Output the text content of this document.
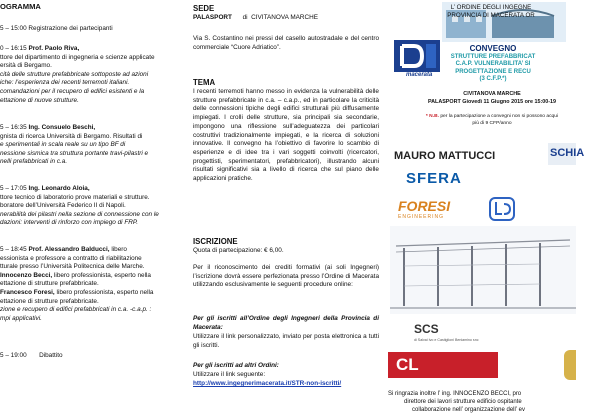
OGRAMMA
5 – 15:00 Registrazione dei partecipanti
0 – 16:15 Prof. Paolo Riva,
ttore del dipartimento di ingegneria e scienze applicate
ersità di Bergamo.
cità delle strutture prefabbricate sottoposte ad azioni
iche: l’esperienza dei recenti terremoti italiani.
comandazioni per il recupero di edifici esistenti e la
ettazione di nuove strutture.
5 – 16:35 Ing. Consuelo Beschi,
gnista di ricerca Università di Bergamo. Risultati di
e sperimentali in scala reale su un tipo BF di
nessione sismica tra struttura portante travi-pilastri e
nelli prefabbricati in c.a.
5 – 17:05 Ing. Leonardo Aloia,
ttore tecnico di laboratorio prove materiali e strutture.
boratore dell’Università Federico II di Napoli.
nerabilità dei pilastri nella sezione di connessione con le
dazioni: interventi di rinforzo con impiego di FRP.
5 – 18:45 Prof. Alessandro Balducci, libero
essionista e professore a contratto di riabilitazione
tturale presso l’Università Politecnica delle Marche.
Innocenzo Becci, libero professionista, esperto nella
ettazione di strutture prefabbricate.
Francesco Foresi, libero professionista, esperto nella
ettazione di strutture prefabbricate.
zione e recupero di edifici prefabbricati in c.a. -c.a.p. :
mpi applicativi.
5 – 19:00 Dibattito
SEDE
PALASPORT di CIVITANOVA MARCHE
Via S. Costantino nei pressi del casello autostradale e del centro commerciale “Cuore Adriatico”.
TEMA
I recenti terremoti hanno messo in evidenza la vulnerabilità delle strutture prefabbricate in c.a. – c.a.p., ed in particolare la criticità delle connessioni tipiche degli edifici strutturali più diffusamente impiegati. I crolli delle strutture, sia principali sia secondarie, impongono una riflessione sull’adeguatezza dei particolari costruttivi tradizionalmente impiegati, e la ricerca di soluzioni innovative. Il convegno ha l’obiettivo di favorire lo scambio di esperienze e di idee tra i vari soggetti coinvolti (ricercatori, progettisti, sperimentatori, prefabbricatori), illustrando alcuni risultati significativi sia a livello di ricerca che sul piano delle applicazioni pratiche.
ISCRIZIONE
Quota di partecipazione: € 6,00.
Per il riconoscimento dei crediti formativi (ai soli Ingegneri) l’iscrizione dovrà essere perfezionata presso l’Ordine di Macerata utilizzando esclusivamente le seguenti procedure online:
Per gli iscritti all’Ordine degli Ingegneri della Provincia di Macerata:
Utilizzare il link personalizzato, inviato per posta elettronica a tutti gli iscritti.
Per gli iscritti ad altri Ordini:
Utilizzare il link seguente:
http://www.ingegnerimacerata.it/STR-non-iscritti/
L’ ORDINE DEGLI INGEGNE
PROVINCIA DI MACERATA OR
macerata
CONVEGNO
STRUTTURE PREFABBRICAT
C.A.P. VULNERABILITA’ SI
PROGETTAZIONE E RECU
(3 C.F.P.*)
CIVITANOVA MARCHE
PALASPORT Giovedì 11 Giugno 2015 ore 15:00-19
* N.B. per la partecipazione a convegni non si possono acqui
più di 9 CFP/anno
MAURO MATTUCCI	SCHIA
SFERA
FORESI
ENGINEERING
SCS
di Salvai Ivo e Castiglioni Beniamino snc
CL
Si ringrazia inoltre l’ ing. INNOCENZO BECCI, pro
direttore dei lavori strutture edificio ospitante
collaborazione nell’ organizzazione dell’ ev
